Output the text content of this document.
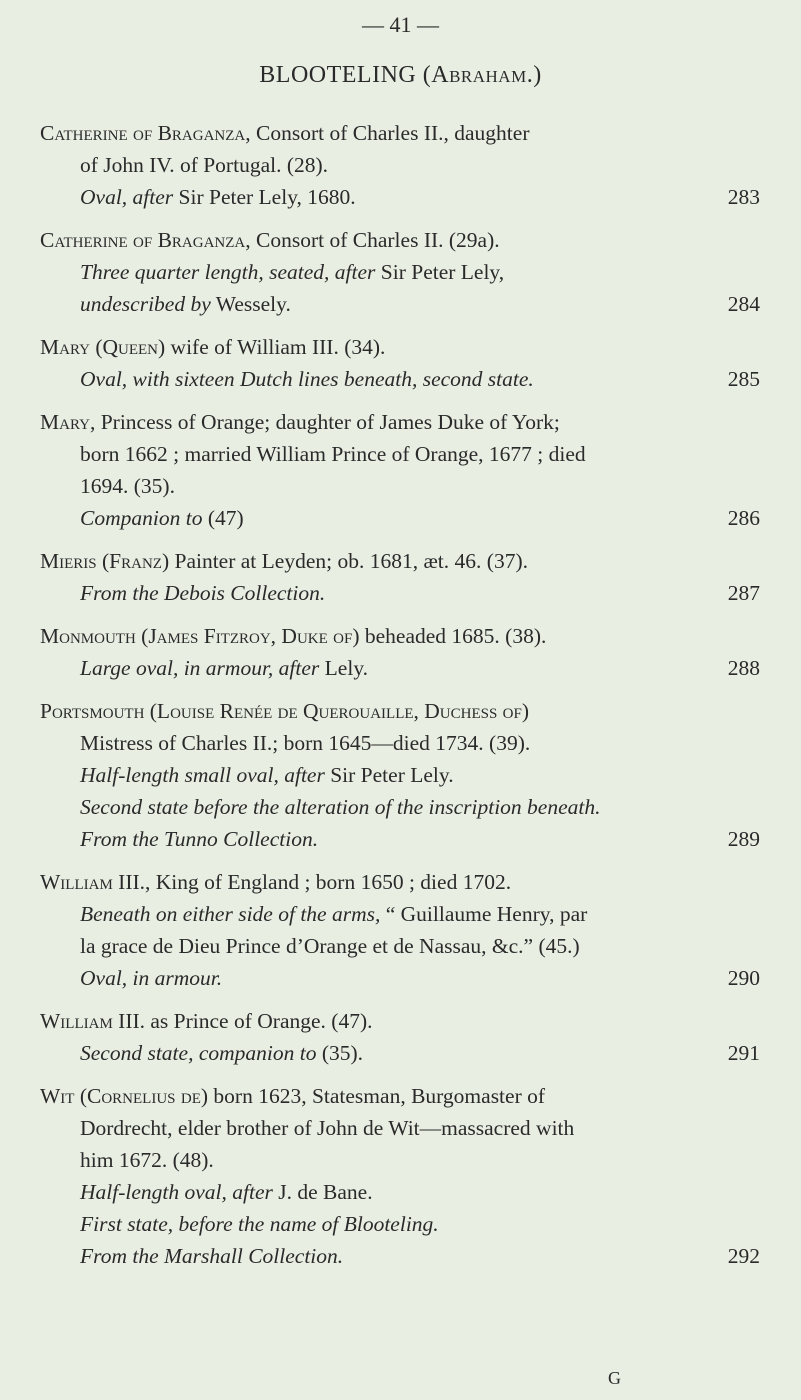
— 41 —
BLOOTELING (Abraham.)
Catherine of Braganza, Consort of Charles II., daughter
of John IV. of Portugal. (28).
283
Oval, after Sir Peter Lely, 1680.
Catherine of Braganza, Consort of Charles II. (29a).
Three quarter length, seated, after Sir Peter Lely,
284
undescribed by Wessely.
Mary (Queen) wife of William III. (34).
285
Oval, with sixteen Dutch lines beneath, second state.
Mary, Princess of Orange; daughter of James Duke of York;
born 1662 ; married William Prince of Orange, 1677 ; died
1694. (35).
286
Companion to (47)
Mieris (Franz) Painter at Leyden; ob. 1681, æt. 46. (37).
287
From the Debois Collection.
Monmouth (James Fitzroy, Duke of) beheaded 1685. (38).
288
Large oval, in armour, after Lely.
Portsmouth (Louise Renée de Querouaille, Duchess of)
Mistress of Charles II.; born 1645—died 1734. (39).
Half-length small oval, after Sir Peter Lely.
Second state before the alteration of the inscription beneath.
289
From the Tunno Collection.
William III., King of England ; born 1650 ; died 1702.
Beneath on either side of the arms, “ Guillaume Henry, par
la grace de Dieu Prince d’Orange et de Nassau, &c.” (45.)
290
Oval, in armour.
William III. as Prince of Orange. (47).
291
Second state, companion to (35).
Wit (Cornelius de) born 1623, Statesman, Burgomaster of
Dordrecht, elder brother of John de Wit—massacred with
him 1672. (48).
Half-length oval, after J. de Bane.
First state, before the name of Blooteling.
292
From the Marshall Collection.
G
